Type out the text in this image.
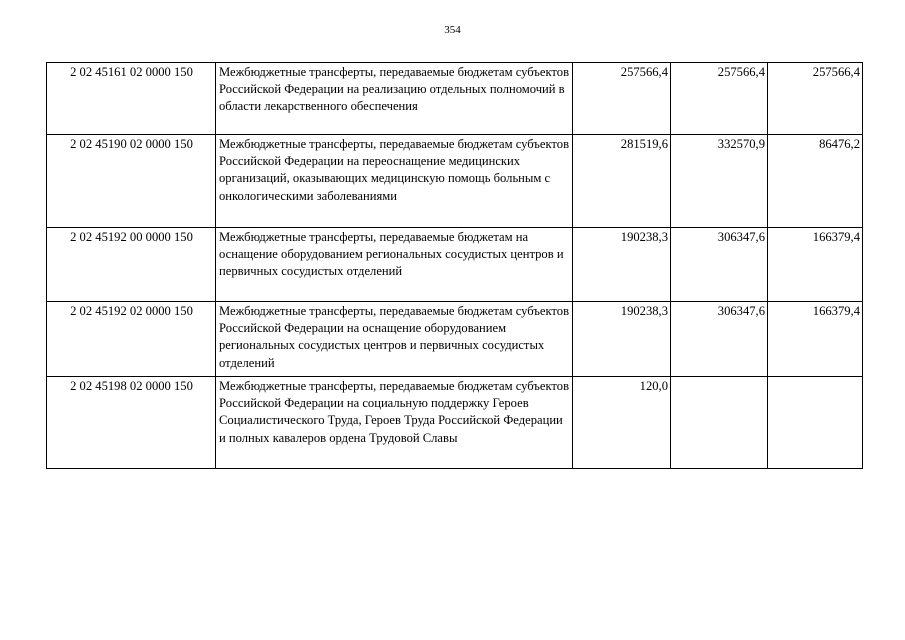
354
2 02 45161 02 0000 150	Межбюджетные трансферты, передаваемые бюджетам субъектов Российской Федерации на реализацию отдельных полномочий в области лекарственного обеспечения	257566,4	257566,4	257566,4
2 02 45190 02 0000 150	Межбюджетные трансферты, передаваемые бюджетам субъектов Российской Федерации на переоснащение медицинских организаций, оказывающих медицинскую помощь больным с онкологическими заболеваниями	281519,6	332570,9	86476,2
2 02 45192 00 0000 150	Межбюджетные трансферты, передаваемые бюджетам на оснащение оборудованием региональных сосудистых центров и первичных сосудистых отделений	190238,3	306347,6	166379,4
2 02 45192 02 0000 150	Межбюджетные трансферты, передаваемые бюджетам субъектов Российской Федерации на оснащение оборудованием региональных сосудистых центров и первичных сосудистых отделений	190238,3	306347,6	166379,4
2 02 45198 02 0000 150	Межбюджетные трансферты, передаваемые бюджетам субъектов Российской Федерации на социальную поддержку Героев Социалистического Труда, Героев Труда Российской Федерации и полных кавалеров ордена Трудовой Славы	120,0		
